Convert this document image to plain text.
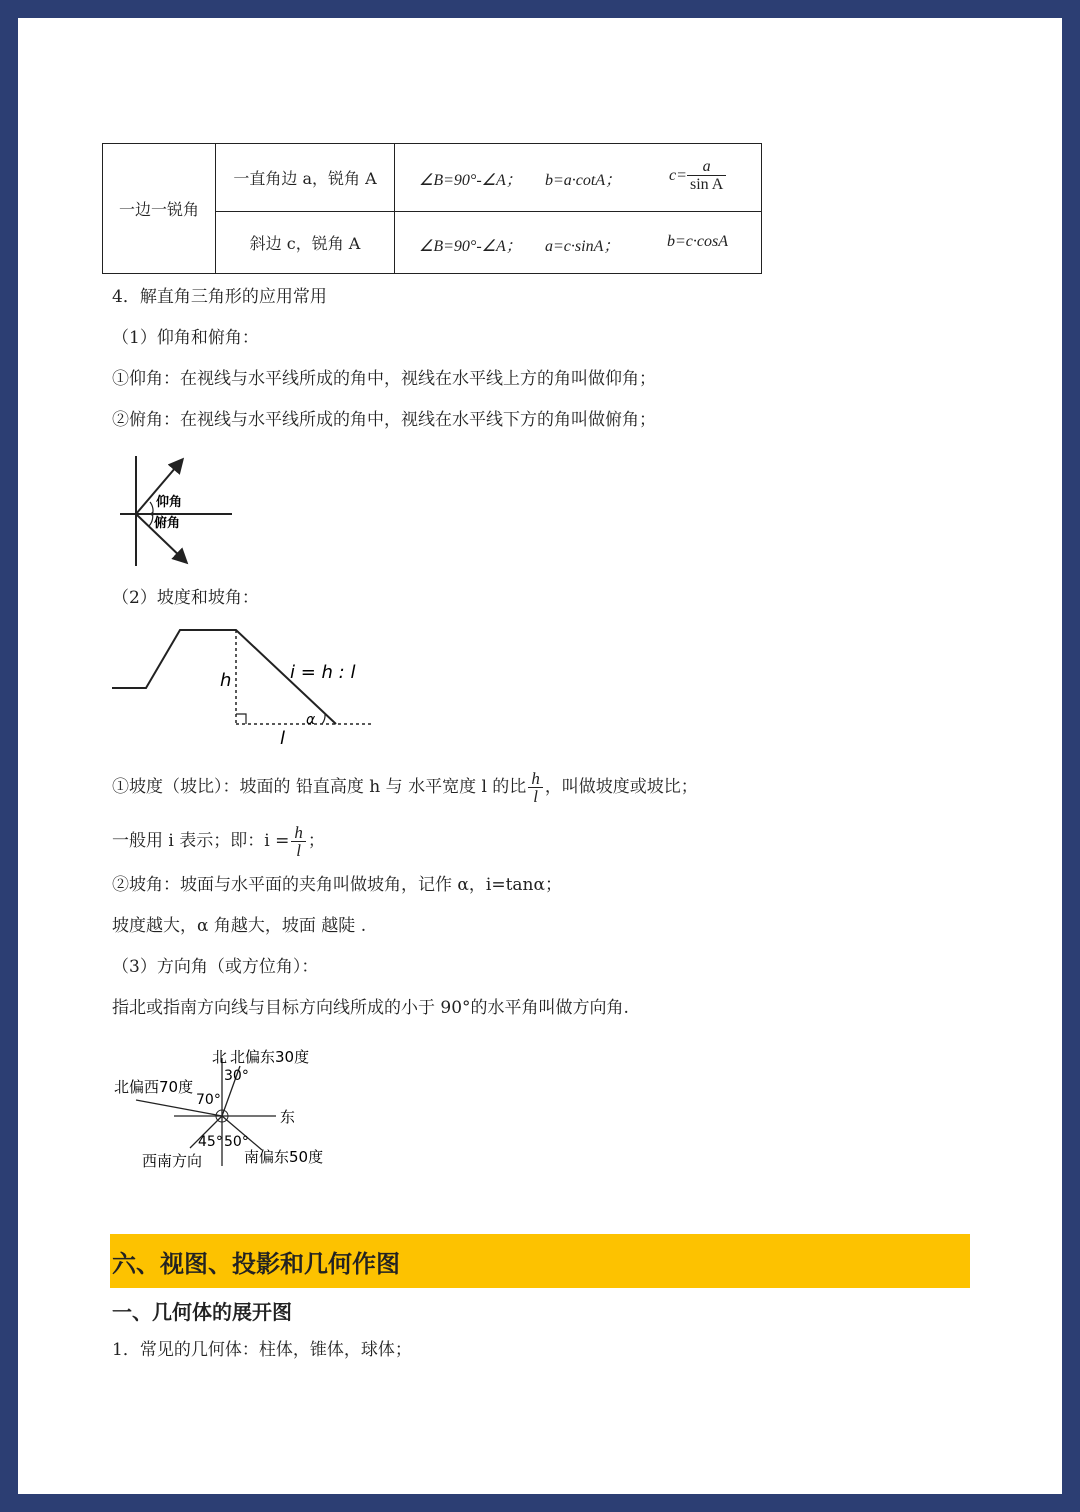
一边一锐角	一直角边 a，锐角 A	∠B=90°-∠A； b=a·cotA； $c= \frac{a}{\text{sin A}}$

	斜边 c，锐角 A	∠B=90°-∠A； a=c·sinA； b=c·cosA
4．解直角三角形的应用常用
（1）仰角和俯角：
①仰角：在视线与水平线所成的角中，视线在水平线上方的角叫做仰角；
②俯角：在视线与水平线所成的角中，视线在水平线下方的角叫做俯角；
仰角
俯角
（2）坡度和坡角：
h
l
α
i = h : l
①坡度（坡比）：坡面的 铅直高度 h 与 水平宽度 l 的比 $\frac{h}{l}$ ，叫做坡度或坡比；
一般用 i 表示；即：$i = \frac{h}{l}$ ；
②坡角：坡面与水平面的夹角叫做坡角，记作 α，i=tanα；
坡度越大，α 角越大，坡面 越陡 .
（3）方向角（或方位角）：
指北或指南方向线与目标方向线所成的小于 90°的水平角叫做方向角.
北 北偏东30度
30°
北偏西70度
70°
东
45° 50°
西南方向	南偏东50度
六、视图、投影和几何作图
一、几何体的展开图
1．常见的几何体：柱体，锥体，球体；
